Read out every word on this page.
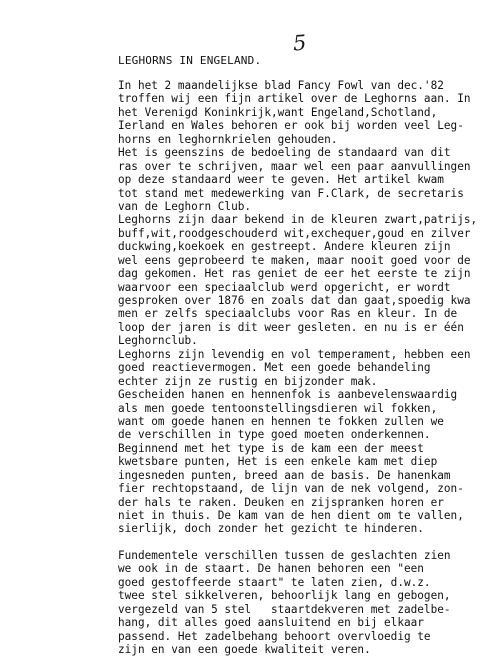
5
LEGHORNS IN ENGELAND.
In het 2 maandelijkse blad Fancy Fowl van dec.'82
troffen wij een fijn artikel over de Leghorns aan. In
het Verenigd Koninkrijk,want Engeland,Schotland,
Ierland en Wales behoren er ook bij worden veel Leg-
horns en leghornkrielen gehouden.
Het is geenszins de bedoeling de standaard van dit
ras over te schrijven, maar wel een paar aanvullingen
op deze standaard weer te geven. Het artikel kwam
tot stand met medewerking van F.Clark, de secretaris
van de Leghorn Club.
Leghorns zijn daar bekend in de kleuren zwart,patrijs,
buff,wit,roodgeschouderd wit,exchequer,goud en zilver
duckwing,koekoek en gestreept. Andere kleuren zijn
wel eens geprobeerd te maken, maar nooit goed voor de
dag gekomen. Het ras geniet de eer het eerste te zijn
waarvoor een speciaalclub werd opgericht, er wordt
gesproken over 1876 en zoals dat dan gaat,spoedig kwa
men er zelfs speciaalclubs voor Ras en kleur. In de
loop der jaren is dit weer gesleten. en nu is er één
Leghornclub.
Leghorns zijn levendig en vol temperament, hebben een
goed reactievermogen. Met een goede behandeling
echter zijn ze rustig en bijzonder mak.
Gescheiden hanen en hennenfok is aanbevelenswaardig
als men goede tentoonstellingsdieren wil fokken,
want om goede hanen en hennen te fokken zullen we
de verschillen in type goed moeten onderkennen.
Beginnend met het type is de kam een der meest
kwetsbare punten, Het is een enkele kam met diep
ingesneden punten, breed aan de basis. De hanenkam
fier rechtopstaand, de lijn van de nek volgend, zon-
der hals te raken. Deuken en zijspranken horen er
niet in thuis. De kam van de hen dient om te vallen,
sierlijk, doch zonder het gezicht te hinderen.
Fundementele verschillen tussen de geslachten zien
we ook in de staart. De hanen behoren een "een
goed gestoffeerde staart" te laten zien, d.w.z.
twee stel sikkelveren, behoorlijk lang en gebogen,
vergezeld van 5 stel   staartdekveren met zadelbe-
hang, dit alles goed aansluitend en bij elkaar
passend. Het zadelbehang behoort overvloedig te
zijn en van een goede kwaliteit veren.
